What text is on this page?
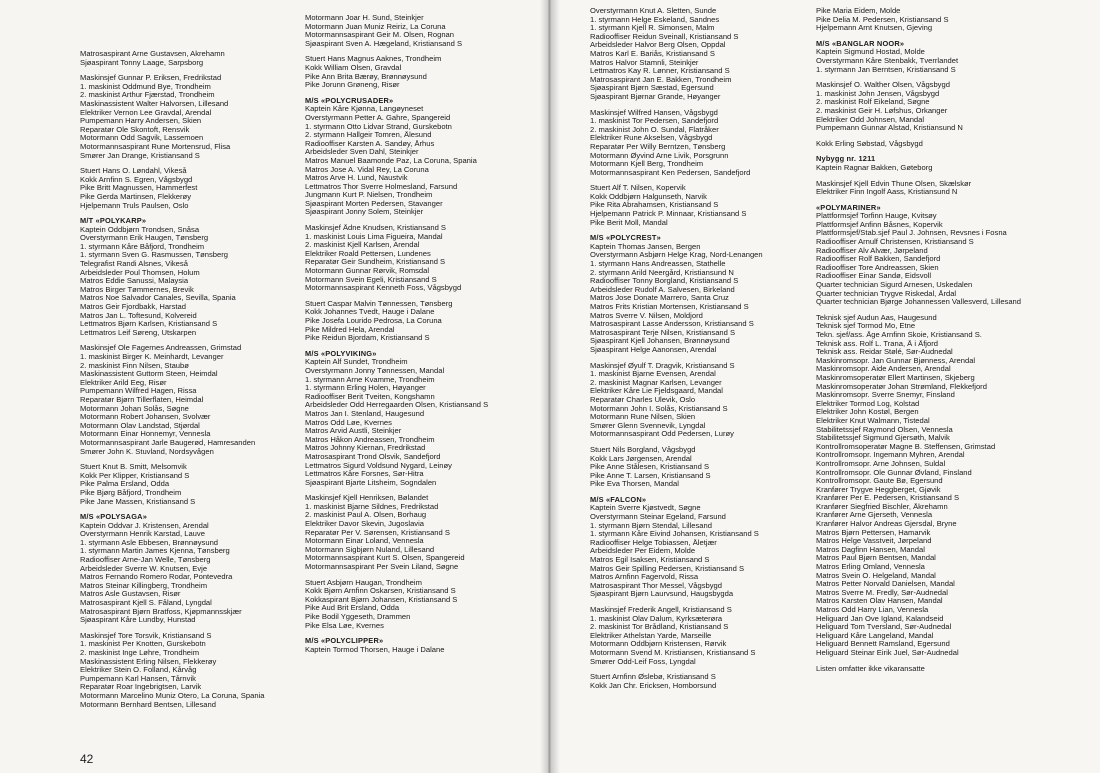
Matrosaspirant Arne Gustavsen, Akrehamn
Sjøaspirant Tonny Laage, Sarpsborg
Maskinsjef Gunnar P. Eriksen, Fredrikstad
1. maskinist Oddmund Bye, Trondheim
2. maskinist Arthur Fjærstad, Trondheim
Maskinassistent Walter Halvorsen, Lillesand
Elektriker Vernon Lee Gravdal, Arendal
Pumpemann Harry Andersen, Skien
Reparatør Ole Skontoft, Rensvik
Motormann Odd Sagvik, Lassemoen
Motormannsaspirant Rune Mortensrud, Flisa
Smører Jan Drange, Kristiansand S
Stuert Hans O. Løndahl, Vikeså
Kokk Arnfinn S. Egren, Vågsbygd
Pike Britt Magnussen, Hammerfest
Pike Gerda Martinsen, Flekkerøy
Hjelpemann Truls Paulsen, Oslo
M/T «POLYKARP»
Kaptein Oddbjørn Trondsen, Snåsa
Overstyrmann Erik Haugen, Tønsberg
1. styrmann Kåre Båfjord, Trondheim
1. styrmann Sven G. Rasmussen, Tønsberg
Telegrafist Randi Alsnes, Vikeså
Arbeidsleder Poul Thomsen, Holum
Matros Eddie Sanussi, Malaysia
Matros Birger Tømmernes, Brevik
Matros Noe Salvador Canales, Sevilla, Spania
Matros Geir Fjordbakk, Harstad
Matros Jan L. Toftesund, Kolvereid
Lettmatros Bjørn Karlsen, Kristiansand S
Lettmatros Leif Søreng, Utskarpen
Maskinsjef Ole Fagernes Andreassen, Grimstad
1. maskinist Birger K. Meinhardt, Levanger
2. maskinist Finn Nilsen, Staubø
Maskinassistent Guttorm Steen, Heimdal
Elektriker Arild Eeg, Risør
Pumpemann Wilfred Hagen, Rissa
Reparatør Bjørn Tillerflaten, Heimdal
Motormann Johan Solås, Søgne
Motormann Robert Johansen, Svolvær
Motormann Olav Landstad, Stjørdal
Motormann Einar Honnemyr, Vennesla
Motormannsaspirant Jarle Baugerød, Hamresanden
Smører John K. Stuvland, Nordsyvågen
Stuert Knut B. Smitt, Melsomvik
Kokk Per Klipper, Kristiansand S
Pike Palma Ersland, Odda
Pike Bjørg Båfjord, Trondheim
Pike Jane Massen, Kristiansand S
M/S «POLYSAGA»
Kaptein Oddvar J. Kristensen, Arendal
Overstyrmann Henrik Karstad, Lauve
1. styrmann Asle Ebbesen, Brønnøysund
1. styrmann Martin James Kjenna, Tønsberg
Radiooffiser Arne-Jan Welle, Tønsberg
Arbeidsleder Sverre W. Knutsen, Evje
Matros Fernando Romero Rodar, Pontevedra
Matros Steinar Killingberg, Trondheim
Matros Asle Gustavsen, Risør
Matrosaspirant Kjell S. Fåland, Lyngdal
Matrosaspirant Bjørn Bratfoss, Kjøpmannsskjær
Sjøaspirant Kåre Lundby, Hunstad
Maskinsjef Tore Torsvik, Kristiansand S
1. maskinist Per Knotten, Gurskebotn
2. maskinist Inge Løhre, Trondheim
Maskinassistent Erling Nilsen, Flekkerøy
Elektriker Stein O. Folland, Kårvåg
Pumpemann Karl Hansen, Tårnvik
Reparatør Roar Ingebrigtsen, Larvik
Motormann Marcelino Muniz Otero, La Coruna, Spania
Motormann Bernhard Bentsen, Lillesand
Motormann Joar H. Sund, Steinkjer
Motormann Juan Muniz Reiriz, La Coruna
Motormannsaspirant Geir M. Olsen, Rognan
Sjøaspirant Sven A. Hægeland, Kristiansand S
Stuert Hans Magnus Aaknes, Trondheim
Kokk William Olsen, Gravdal
Pike Ann Brita Bærøy, Brønnøysund
Pike Jorunn Grøneng, Risør
M/S «POLYCRUSADER»
Kaptein Kåre Kjønna, Langøyneset
Overstyrmann Petter A. Gahre, Spangereid
1. styrmann Otto Lidvar Strand, Gurskebotn
2. styrmann Hallgeir Tomren, Ålesund
Radiooffiser Karsten A. Sandøy, Århus
Arbeidsleder Sven Dahl, Steinkjer
Matros Manuel Baamonde Paz, La Coruna, Spania
Matros Jose A. Vidal Rey, La Coruna
Matros Arve H. Lund, Naustvik
Lettmatros Thor Sverre Holmesland, Farsund
Jungmann Kurt P. Nielsen, Trondheim
Sjøaspirant Morten Pedersen, Stavanger
Sjøaspirant Jonny Solem, Steinkjer
Maskinsjef Ådne Knudsen, Kristiansand S
1. maskinist Louis Lima Figueira, Mandal
2. maskinist Kjell Karlsen, Arendal
Elektriker Roald Pettersen, Lundenes
Reparatør Geir Sundheim, Kristiansand S
Motormann Gunnar Rørvik, Romsdal
Motormann Svein Egeli, Kristiansand S
Motormannsaspirant Kenneth Foss, Vågsbygd
Stuert Caspar Malvin Tønnessen, Tønsberg
Kokk Johannes Tvedt, Hauge i Dalane
Pike Josefa Lourido Pedrosa, La Coruna
Pike Mildred Hela, Arendal
Pike Reidun Bjordam, Kristiansand S
M/S «POLYVIKING»
Kaptein Alf Sundet, Trondheim
Overstyrmann Jonny Tønnessen, Mandal
1. styrmann Arne Kvamme, Trondheim
1. styrmann Erling Holen, Høyanger
Radiooffiser Berit Tveiten, Kongshamn
Arbeidsleder Odd Herregaarden Olsen, Kristiansand S
Matros Jan I. Stenland, Haugesund
Matros Odd Løe, Kvernes
Matros Arvid Austli, Steinkjer
Matros Håkon Andreassen, Trondheim
Matros Johnny Kiernan, Fredrikstad
Matrosaspirant Trond Olsvik, Sandefjord
Lettmatros Sigurd Voldsund Nygard, Leinøy
Lettmatros Kåre Forsnes, Sør-Hitra
Sjøaspirant Bjarte Litsheim, Sogndalen
Maskinsjef Kjell Henriksen, Bølandet
1. maskinist Bjarne Sildnes, Fredrikstad
2. maskinist Paul A. Olsen, Borhaug
Elektriker Davor Skevin, Jugoslavia
Reparatør Per V. Sørensen, Kristiansand S
Motormann Einar Loland, Vennesla
Motormann Sigbjørn Nuland, Lillesand
Motormannsaspirant Kurt S. Olsen, Spangereid
Motormannsaspirant Per Svein Liland, Søgne
Stuert Asbjørn Haugan, Trondheim
Kokk Bjørn Arnfinn Oskarsen, Kristiansand S
Kokkaspirant Bjørn Johansen, Kristiansand S
Pike Aud Brit Ersland, Odda
Pike Bodil Yggeseth, Drammen
Pike Elsa Løe, Kvernes
M/S «POLYCLIPPER»
Kaptein Tormod Thorsen, Hauge i Dalane
42
Overstyrmann Knut A. Sletten, Sunde
1. styrmann Helge Eskeland, Sandnes
1. styrmann Kjell R. Simonsen, Malm
Radiooffiser Reidun Sveinall, Kristiansand S
Arbeidsleder Halvor Berg Olsen, Oppdal
Matros Karl E. Bariås, Kristiansand S
Matros Halvor Stamnli, Steinkjer
Lettmatros Kay R. Lønner, Kristiansand S
Matrosaspirant Jan E. Bakken, Trondheim
Sjøaspirant Bjørn Sæstad, Egersund
Sjøaspirant Bjørnar Grande, Høyanger
Maskinsjef Wilfred Hansen, Vågsbygd
1. maskinist Tor Pedersen, Sandefjord
2. maskinist John O. Sundal, Flatråker
Elektriker Rune Akselsen, Vågsbygd
Reparatør Per Willy Berntzen, Tønsberg
Motormann Øyvind Arne Livik, Porsgrunn
Motormann Kjell Berg, Trondheim
Motormannsaspirant Ken Pedersen, Sandefjord
Stuert Alf T. Nilsen, Kopervik
Kokk Oddbjørn Halgunseth, Narvik
Pike Rita Abrahamsen, Kristiansand S
Hjelpemann Patrick P. Minnaar, Kristiansand S
Pike Berit Moll, Mandal
M/S «POLYCREST»
Kaptein Thomas Jansen, Bergen
Overstyrmann Asbjørn Helge Krag, Nord-Lenangen
1. styrmann Hans Andreassen, Stathelle
2. styrmann Arild Neergård, Kristiansund N
Radiooffiser Tonny Borgland, Kristiansand S
Arbeidsleder Rudolf A. Salvesen, Birkeland
Matros Jose Donate Marrero, Santa Cruz
Matros Frits Kristian Mortensen, Kristiansand S
Matros Sverre V. Nilsen, Moldjord
Matrosaspirant Lasse Andersson, Kristiansand S
Matrosaspirant Terje Nilsen, Kristiansand S
Sjøaspirant Kjell Johansen, Brønnøysund
Sjøaspirant Helge Aanonsen, Arendal
Maskinsjef Øyulf T. Dragvik, Kristiansand S
1. maskinist Bjarne Evensen, Arendal
2. maskinist Magnar Karlsen, Levanger
Elektriker Kåre Lie Fjeldsgaard, Mandal
Reparatør Charles Ulevik, Oslo
Motormann John I. Solås, Kristiansand S
Motormann Rune Nilsen, Skien
Smører Glenn Svennevik, Lyngdal
Motormannsaspirant Odd Pedersen, Lurøy
Stuert Nils Borgland, Vågsbygd
Kokk Lars Jørgensen, Arendal
Pike Anne Stålesen, Kristiansand S
Pike Anne T. Larsen, Kristiansand S
Pike Eva Thorsen, Mandal
M/S «FALCON»
Kaptein Sverre Kjøstvedt, Søgne
Overstyrmann Steinar Egeland, Farsund
1. styrmann Bjørn Stendal, Lillesand
1. styrmann Kåre Eivind Johansen, Kristiansand S
Radiooffiser Helge Tobiassen, Åletjær
Arbeidsleder Per Eidem, Molde
Matros Egil Isaksen, Kristiansand S
Matros Geir Spilling Pedersen, Kristiansand S
Matros Arnfinn Fagervold, Rissa
Matrosaspirant Thor Messel, Vågsbygd
Sjøaspirant Bjørn Laurvsund, Haugsbygda
Maskinsjef Frederik Angell, Kristiansand S
1. maskinist Olav Dalum, Kyrksæterøra
2. maskinist Tor Brådland, Kristiansand S
Elektriker Athelstan Yarde, Marseille
Motormann Oddbjørn Kristensen, Rørvik
Motormann Svend M. Kristiansen, Kristiansand S
Smører Odd-Leif Foss, Lyngdal
Stuert Arnfinn Øslebø, Kristiansand S
Kokk Jan Chr. Ericksen, Homborsund
Pike Maria Eidem, Molde
Pike Delia M. Pedersen, Kristiansand S
Hjelpemann Arnt Knutsen, Gjeving
M/S «BANGLAR NOOR»
Kaptein Sigmund Hostad, Molde
Overstyrmann Kåre Stenbakk, Tverrlandet
1. styrmann Jan Berntsen, Kristiansand S
Maskinsjef O. Walther Olsen, Vågsbygd
1. maskinist John Jensen, Vågsbygd
2. maskinist Rolf Eikeland, Søgne
2. maskinist Geir H. Løfshus, Orkanger
Elektriker Odd Johnsen, Mandal
Pumpemann Gunnar Alstad, Kristiansund N
Kokk Erling Søbstad, Vågsbygd
Nybygg nr. 1211
Kaptein Ragnar Bakken, Gøteborg
Maskinsjef Kjell Edvin Thune Olsen, Skælskør
Elektriker Finn Ingolf Aass, Kristiansund N
«POLYMARINER»
Plattformsjef Torfinn Hauge, Kvitsøy
Plattformsjef Anfinn Båsnes, Kopervik
Plattformsjef/Stab.sjef Paul J. Johnsen, Revsnes i Fosna
Radiooffiser Arnulf Christensen, Kristiansand S
Radiooffiser Alv Alvær, Jørpeland
Radiooffiser Rolf Bakken, Sandefjord
Radiooffiser Tore Andreassen, Skien
Radiooffiser Einar Sandø, Eidsvoll
Quarter technician Sigurd Arnesen, Uskedalen
Quarter technician Trygve Riskedal, Årdal
Quarter technician Bjørge Johannessen Vallesverd, Lillesand
Teknisk sjef Audun Aas, Haugesund
Teknisk sjef Tormod Mo, Etne
Tekn. sjef/ass. Åge Arnfinn Skoie, Kristiansand S.
Teknisk ass. Rolf L. Trana, Å i Åfjord
Teknisk ass. Reidar Stølé, Sør-Audnedal
Maskinromsopr. Jan Gunnar Bjønness, Arendal
Maskinromsopr. Aide Andersen, Arendal
Maskinromsoperatør Ellert Martinsen, Skjeberg
Maskinromsoperatør Johan Strømland, Flekkefjord
Maskinromsopr. Sverre Snemyr, Finsland
Elektriker Tormod Log, Kolstad
Elektriker John Kostøl, Bergen
Elektriker Knut Walmann, Tistedal
Stabilitetssjef Raymond Olsen, Vennesla
Stabilitetssjef Sigmund Gjersøth, Malvik
Kontrollromsoperatør Magne B. Steffensen, Grimstad
Kontrollromsopr. Ingemann Myhren, Arendal
Kontrollromsopr. Arne Johnsen, Suldal
Kontrollromsopr. Ole Gunnar Øvland, Finsland
Kontrollromsopr. Gaute Bø, Egersund
Kranfører Trygve Heggberget, Gjøvik
Kranfører Per E. Pedersen, Kristiansand S
Kranfører Siegfried Bischler, Åkrehamn
Kranfører Arne Gjerseth, Vennesla
Kranfører Halvor Andreas Gjersdal, Bryne
Matros Bjørn Pettersen, Hamarvik
Matros Helge Vasstveit, Jørpeland
Matros Dagfinn Hansen, Mandal
Matros Paul Bjørn Bentsen, Mandal
Matros Erling Omland, Vennesla
Matros Svein O. Helgeland, Mandal
Matros Petter Norvald Danielsen, Mandal
Matros Sverre M. Fredly, Sør-Audnedal
Matros Karsten Olav Hansen, Mandal
Matros Odd Harry Lian, Vennesla
Heliguard Jan Ove Igland, Kalandseid
Heliguard Tom Tversland, Sør-Audnedal
Heliguard Kåre Langeland, Mandal
Heliguard Bennett Ramsland, Egersund
Heliguard Steinar Eirik Juel, Sør-Audnedal
Listen omfatter ikke vikaransatte
